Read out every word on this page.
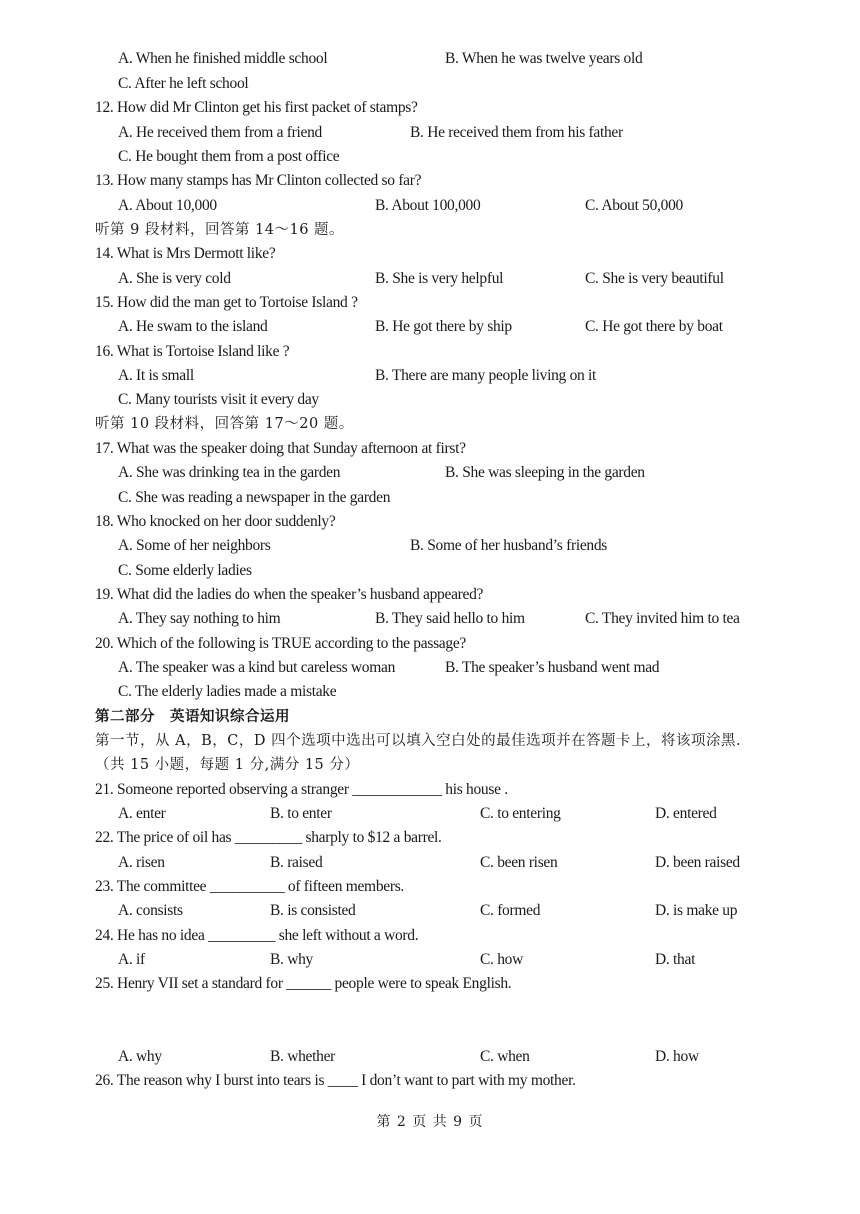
A. When he finished middle school	B. When he was twelve years old
C. After he left school
12. How did Mr Clinton get his first packet of stamps?
A. He received them from a friend	B. He received them from his father
C. He bought them from a post office
13. How many stamps has Mr Clinton collected so far?
A. About 10,000	B. About 100,000	C. About 50,000
听第 9 段材料，回答第 14～16 题。
14. What is Mrs Dermott like?
A. She is very cold	B. She is very helpful	C. She is very beautiful
15. How did the man get to Tortoise Island ?
A. He swam to the island	B. He got there by ship	C. He got there by boat
16. What is Tortoise Island like ?
A. It is small	B. There are many people living on it
C. Many tourists visit it every day
听第 10 段材料，回答第 17～20 题。
17. What was the speaker doing that Sunday afternoon at first?
A. She was drinking tea in the garden	B. She was sleeping in the garden
C. She was reading a newspaper in the garden
18. Who knocked on her door suddenly?
A. Some of her neighbors	B. Some of her husband’s friends
C. Some elderly ladies
19. What did the ladies do when the speaker’s husband appeared?
A. They say nothing to him	B. They said hello to him	C. They invited him to tea
20. Which of the following is TRUE according to the passage?
A. The speaker was a kind but careless woman	B. The speaker’s husband went mad
C. The elderly ladies made a mistake
第二部分　英语知识综合运用
第一节，从 A，B，C，D 四个选项中选出可以填入空白处的最佳选项并在答题卡上，将该项涂黑.
（共 15 小题，每题 1 分,满分 15 分）
21. Someone reported observing a stranger ____________ his house .
A. enter	B. to enter	C. to entering	D. entered
22. The price of oil has _________ sharply to $12 a barrel.
A. risen	B. raised	C. been risen	D. been raised
23. The committee __________ of fifteen members.
A. consists	B. is consisted	C. formed	D. is make up
24. He has no idea _________ she left without a word.
A. if	B. why	C. how	D. that
25. Henry VII set a standard for ______ people were to speak English.
A. why	B. whether	C. when	D. how
26. The reason why I burst into tears is ____ I don’t want to part with my mother.
第 2 页 共 9 页
